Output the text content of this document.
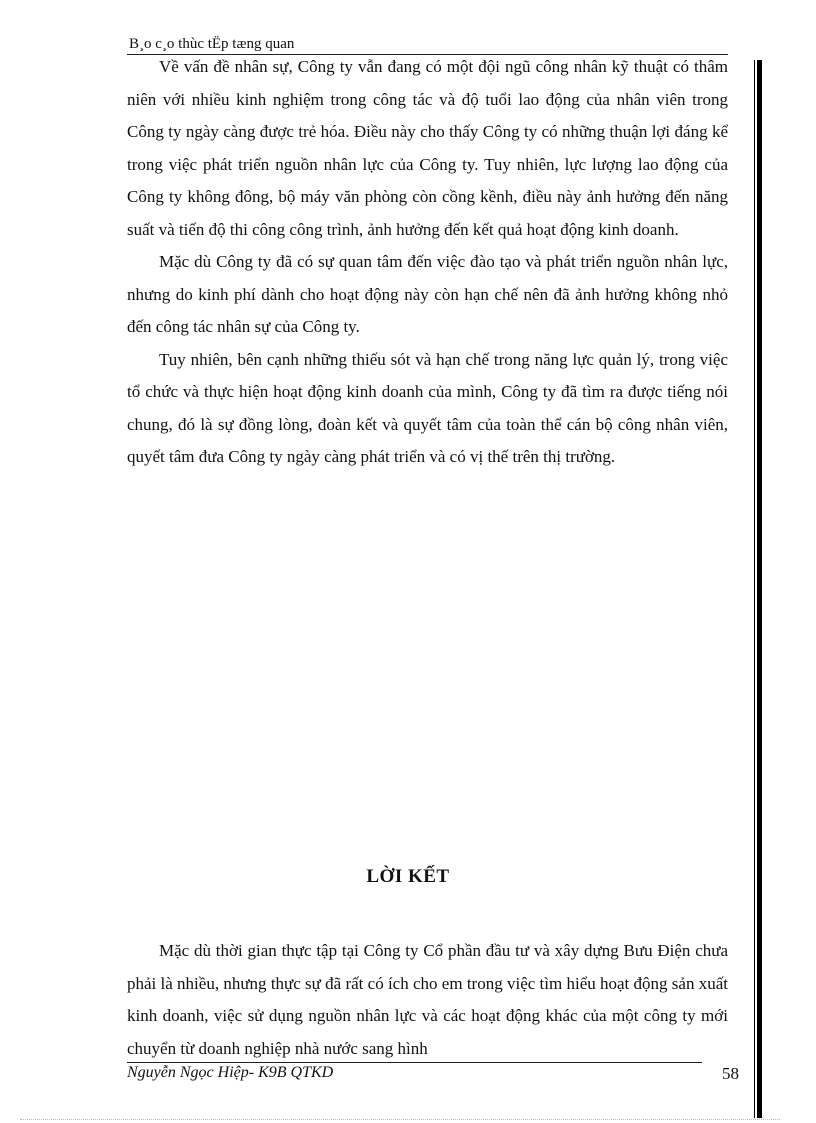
B¸o c¸o thùc tËp tæng quan

Về vấn đề nhân sự, Công ty vẫn đang có một đội ngũ công nhân kỹ thuật có thâm niên với nhiều kinh nghiệm trong công tác và độ tuổi lao động của nhân viên trong Công ty ngày càng được trẻ hóa. Điều này cho thấy Công ty có những thuận lợi đáng kể trong việc phát triển nguồn nhân lực của Công ty. Tuy nhiên, lực lượng lao động của Công ty không đông, bộ máy văn phòng còn cồng kềnh, điều này ảnh hưởng đến năng suất và tiến độ thi công công trình, ảnh hưởng đến kết quả hoạt động kinh doanh.

Mặc dù Công ty đã có sự quan tâm đến việc đào tạo và phát triển nguồn nhân lực, nhưng do kinh phí dành cho hoạt động này còn hạn chế nên đã ảnh hưởng không nhỏ đến công tác nhân sự của Công ty.

Tuy nhiên, bên cạnh những thiếu sót và hạn chế trong năng lực quản lý, trong việc tổ chức và thực hiện hoạt động kinh doanh của mình, Công ty đã tìm ra được tiếng nói chung, đó là sự đồng lòng, đoàn kết và quyết tâm của toàn thể cán bộ công nhân viên, quyết tâm đưa Công ty ngày càng phát triển và có vị thế trên thị trường.

LỜI KẾT

Mặc dù thời gian thực tập tại Công ty Cổ phần đầu tư và xây dựng Bưu Điện chưa phải là nhiều, nhưng thực sự đã rất có ích cho em trong việc tìm hiểu hoạt động sản xuất kinh doanh, việc sử dụng nguồn nhân lực và các hoạt động khác của một công ty mới chuyển từ doanh nghiệp nhà nước sang hình

Nguyễn Ngọc Hiệp- K9B QTKD	58
